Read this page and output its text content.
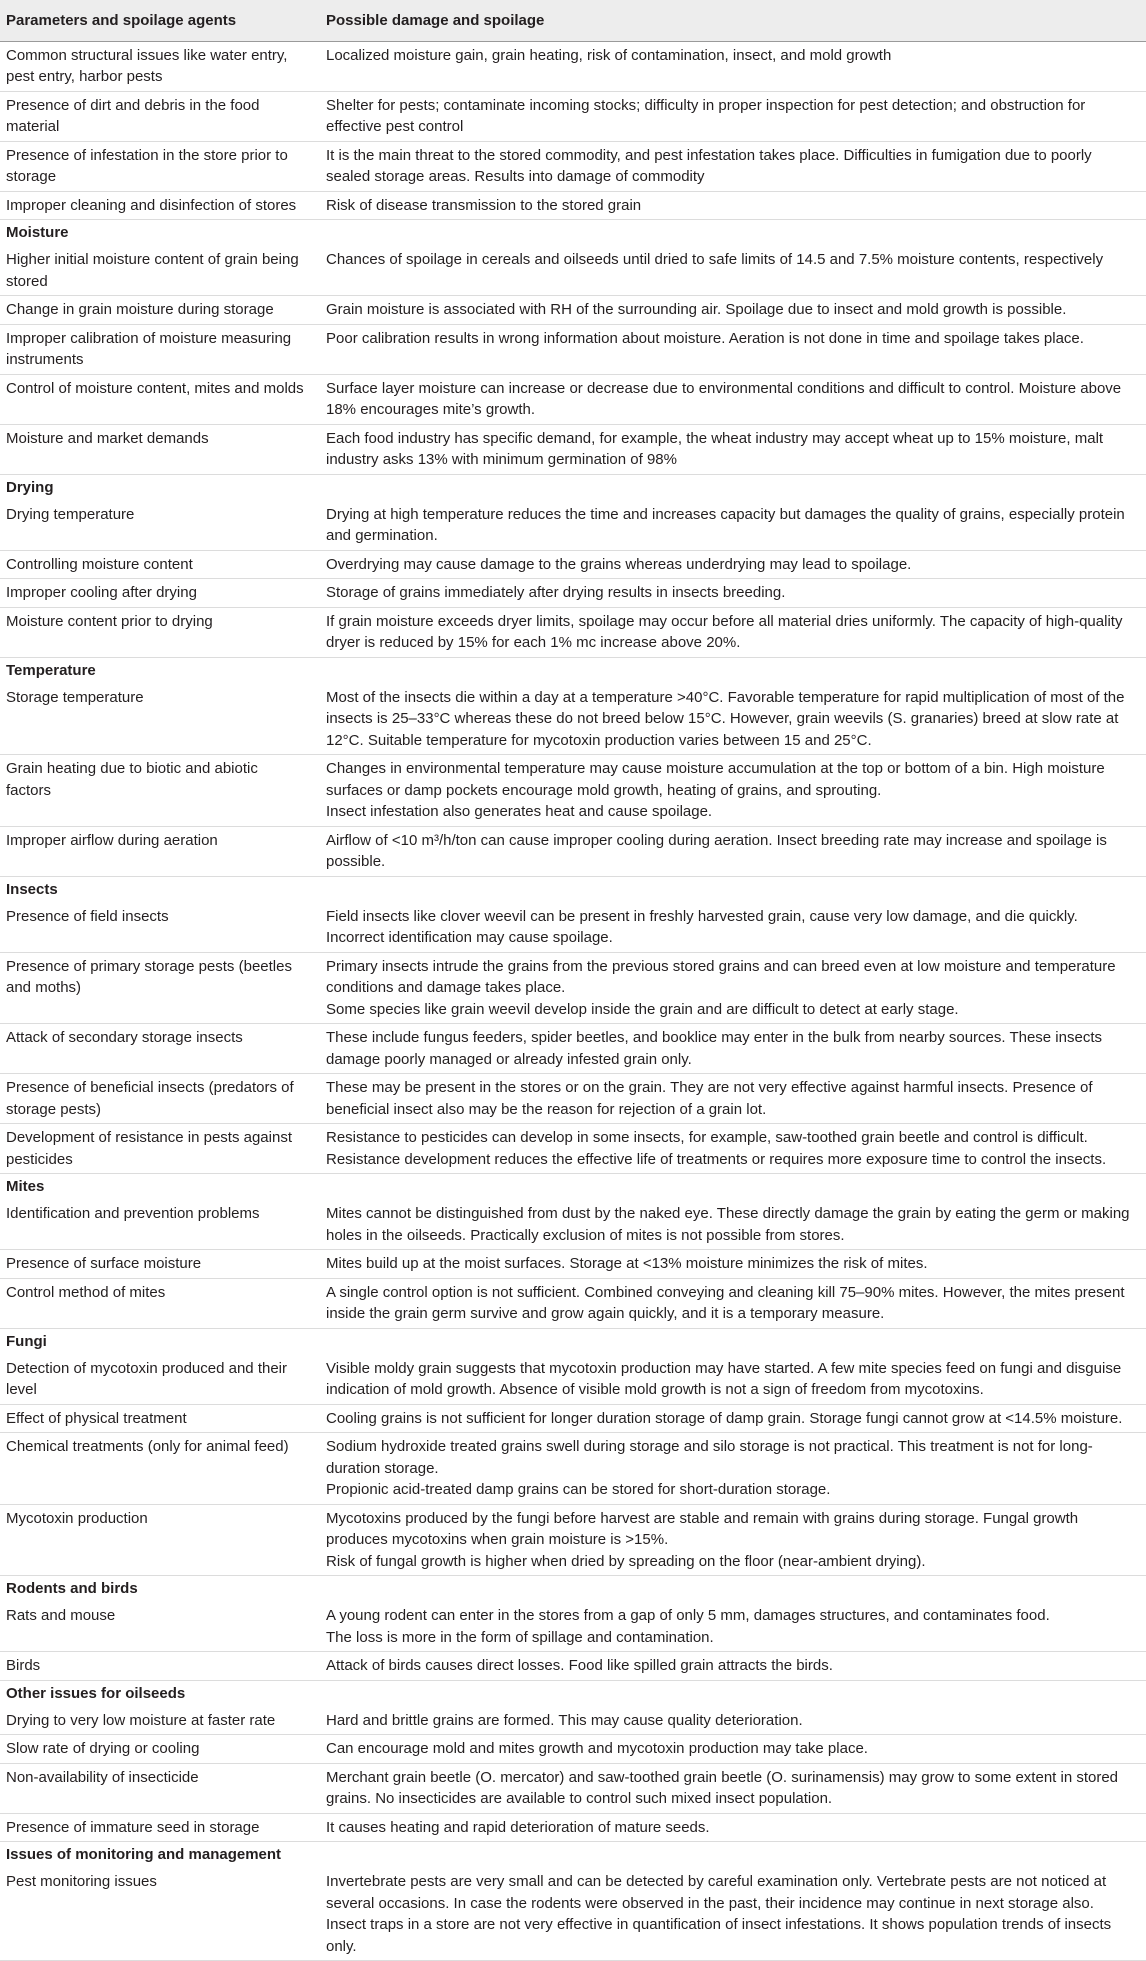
Parameters and spoilage agents	Possible damage and spoilage
Common structural issues like water entry, pest entry, harbor pests	Localized moisture gain, grain heating, risk of contamination, insect, and mold growth

Presence of dirt and debris in the food material	Shelter for pests; contaminate incoming stocks; difficulty in proper inspection for pest detection; and obstruction for effective pest control

Presence of infestation in the store prior to storage	It is the main threat to the stored commodity, and pest infestation takes place. Difficulties in fumigation due to poorly sealed storage areas. Results into damage of commodity

Improper cleaning and disinfection of stores	Risk of disease transmission to the stored grain

Moisture	
Higher initial moisture content of grain being stored	Chances of spoilage in cereals and oilseeds until dried to safe limits of 14.5 and 7.5% moisture contents, respectively

Change in grain moisture during storage	Grain moisture is associated with RH of the surrounding air. Spoilage due to insect and mold growth is possible.

Improper calibration of moisture measuring instruments	Poor calibration results in wrong information about moisture. Aeration is not done in time and spoilage takes place.

Control of moisture content, mites and molds	Surface layer moisture can increase or decrease due to environmental conditions and difficult to control. Moisture above 18% encourages mite’s growth.

Moisture and market demands	Each food industry has specific demand, for example, the wheat industry may accept wheat up to 15% moisture, malt industry asks 13% with minimum germination of 98%

Drying	
Drying temperature	Drying at high temperature reduces the time and increases capacity but damages the quality of grains, especially protein and germination.

Controlling moisture content	Overdrying may cause damage to the grains whereas underdrying may lead to spoilage.

Improper cooling after drying	Storage of grains immediately after drying results in insects breeding.

Moisture content prior to drying	If grain moisture exceeds dryer limits, spoilage may occur before all material dries uniformly. The capacity of high-quality dryer is reduced by 15% for each 1% mc increase above 20%.

Temperature	
Storage temperature	Most of the insects die within a day at a temperature >40°C. Favorable temperature for rapid multiplication of most of the insects is 25–33°C whereas these do not breed below 15°C. However, grain weevils (S. granaries) breed at slow rate at 12°C. Suitable temperature for mycotoxin production varies between 15 and 25°C.

Grain heating due to biotic and abiotic factors	Changes in environmental temperature may cause moisture accumulation at the top or bottom of a bin. High moisture surfaces or damp pockets encourage mold growth, heating of grains, and sprouting.
Insect infestation also generates heat and cause spoilage.

Improper airflow during aeration	Airflow of <10 m³/h/ton can cause improper cooling during aeration. Insect breeding rate may increase and spoilage is possible.

Insects	
Presence of field insects	Field insects like clover weevil can be present in freshly harvested grain, cause very low damage, and die quickly. Incorrect identification may cause spoilage.

Presence of primary storage pests (beetles and moths)	Primary insects intrude the grains from the previous stored grains and can breed even at low moisture and temperature conditions and damage takes place.
Some species like grain weevil develop inside the grain and are difficult to detect at early stage.

Attack of secondary storage insects	These include fungus feeders, spider beetles, and booklice may enter in the bulk from nearby sources. These insects damage poorly managed or already infested grain only.

Presence of beneficial insects (predators of storage pests)	These may be present in the stores or on the grain. They are not very effective against harmful insects. Presence of beneficial insect also may be the reason for rejection of a grain lot.

Development of resistance in pests against pesticides	Resistance to pesticides can develop in some insects, for example, saw-toothed grain beetle and control is difficult. Resistance development reduces the effective life of treatments or requires more exposure time to control the insects.

Mites	
Identification and prevention problems	Mites cannot be distinguished from dust by the naked eye. These directly damage the grain by eating the germ or making holes in the oilseeds. Practically exclusion of mites is not possible from stores.

Presence of surface moisture	Mites build up at the moist surfaces. Storage at <13% moisture minimizes the risk of mites.

Control method of mites	A single control option is not sufficient. Combined conveying and cleaning kill 75–90% mites. However, the mites present inside the grain germ survive and grow again quickly, and it is a temporary measure.

Fungi	
Detection of mycotoxin produced and their level	Visible moldy grain suggests that mycotoxin production may have started. A few mite species feed on fungi and disguise indication of mold growth. Absence of visible mold growth is not a sign of freedom from mycotoxins.

Effect of physical treatment	Cooling grains is not sufficient for longer duration storage of damp grain. Storage fungi cannot grow at <14.5% moisture.

Chemical treatments (only for animal feed)	Sodium hydroxide treated grains swell during storage and silo storage is not practical. This treatment is not for long-duration storage.
Propionic acid-treated damp grains can be stored for short-duration storage.

Mycotoxin production	Mycotoxins produced by the fungi before harvest are stable and remain with grains during storage. Fungal growth produces mycotoxins when grain moisture is >15%.
Risk of fungal growth is higher when dried by spreading on the floor (near-ambient drying).

Rodents and birds	
Rats and mouse	A young rodent can enter in the stores from a gap of only 5 mm, damages structures, and contaminates food.
The loss is more in the form of spillage and contamination.

Birds	Attack of birds causes direct losses. Food like spilled grain attracts the birds.

Other issues for oilseeds	
Drying to very low moisture at faster rate	Hard and brittle grains are formed. This may cause quality deterioration.

Slow rate of drying or cooling	Can encourage mold and mites growth and mycotoxin production may take place.

Non-availability of insecticide	Merchant grain beetle (O. mercator) and saw-toothed grain beetle (O. surinamensis) may grow to some extent in stored grains. No insecticides are available to control such mixed insect population.

Presence of immature seed in storage	It causes heating and rapid deterioration of mature seeds.

Issues of monitoring and management	
Pest monitoring issues	Invertebrate pests are very small and can be detected by careful examination only. Vertebrate pests are not noticed at several occasions. In case the rodents were observed in the past, their incidence may continue in next storage also.
Insect traps in a store are not very effective in quantification of insect infestations. It shows population trends of insects only.
